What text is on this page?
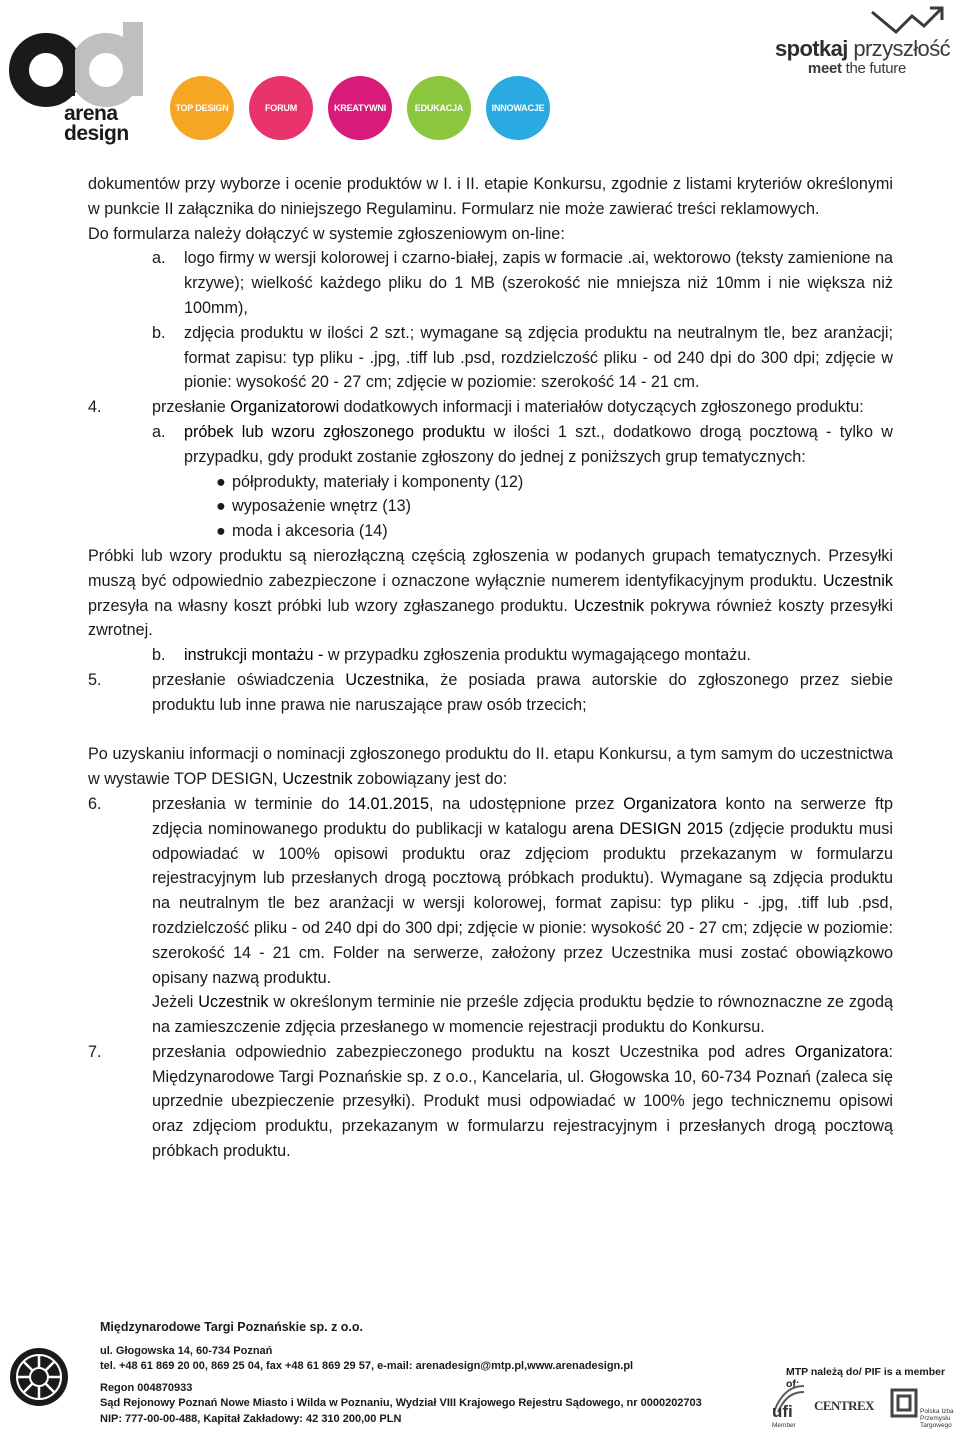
arena
design
TOP DESIGN	FORUM	KREATYWNI	EDUKACJA	INNOWACJE
spotkaj przyszłość
meet the future

dokumentów przy wyborze i ocenie produktów w I. i II. etapie Konkursu, zgodnie z listami kryteriów określonymi w punkcie II załącznika do niniejszego Regulaminu. Formularz nie może zawierać treści reklamowych.

Do formularza należy dołączyć w systemie zgłoszeniowym on-line:

a.	logo firmy w wersji kolorowej i czarno-białej, zapis w formacie .ai, wektorowo (teksty zamienione na krzywe); wielkość każdego pliku do 1 MB (szerokość nie mniejsza niż 10mm i nie większa niż 100mm),
b.	zdjęcia produktu w ilości 2 szt.; wymagane są zdjęcia produktu na neutralnym tle, bez aranżacji; format zapisu: typ pliku - .jpg, .tiff lub .psd, rozdzielczość pliku - od 240 dpi do 300 dpi; zdjęcie w pionie: wysokość 20 - 27 cm; zdjęcie w poziomie: szerokość 14 - 21 cm.
4.	przesłanie Organizatorowi dodatkowych informacji i materiałów dotyczących zgłoszonego produktu:
a.	próbek lub wzoru zgłoszonego produktu w ilości 1 szt., dodatkowo drogą pocztową - tylko w przypadku, gdy produkt zostanie zgłoszony do jednej z poniższych grup tematycznych:
● półprodukty, materiały i komponenty (12)
● wyposażenie wnętrz (13)
● moda i akcesoria (14)

Próbki lub wzory produktu są nierozłączną częścią zgłoszenia w podanych grupach tematycznych. Przesyłki muszą być odpowiednio zabezpieczone i oznaczone wyłącznie numerem identyfikacyjnym produktu. Uczestnik przesyła na własny koszt próbki lub wzory zgłaszanego produktu. Uczestnik pokrywa również koszty przesyłki zwrotnej.

b.	instrukcji montażu - w przypadku zgłoszenia produktu wymagającego montażu.
5.	przesłanie oświadczenia Uczestnika, że posiada prawa autorskie do zgłoszonego przez siebie produktu lub inne prawa nie naruszające praw osób trzecich;

Po uzyskaniu informacji o nominacji zgłoszonego produktu do II. etapu Konkursu, a tym samym do uczestnictwa w wystawie TOP DESIGN, Uczestnik zobowiązany jest do:

6.	przesłania w terminie do 14.01.2015, na udostępnione przez Organizatora konto na serwerze ftp zdjęcia nominowanego produktu do publikacji w katalogu arena DESIGN 2015 (zdjęcie produktu musi odpowiadać w 100% opisowi produktu oraz zdjęciom produktu przekazanym w formularzu rejestracyjnym lub przesłanych drogą pocztową próbkach produktu). Wymagane są zdjęcia produktu na neutralnym tle bez aranżacji w wersji kolorowej, format zapisu: typ pliku - .jpg, .tiff lub .psd, rozdzielczość pliku - od 240 dpi do 300 dpi; zdjęcie w pionie: wysokość 20 - 27 cm; zdjęcie w poziomie: szerokość 14 - 21 cm. Folder na serwerze, założony przez Uczestnika musi zostać obowiązkowo opisany nazwą produktu.
Jeżeli Uczestnik w określonym terminie nie prześle zdjęcia produktu będzie to równoznaczne ze zgodą na zamieszczenie zdjęcia przesłanego w momencie rejestracji produktu do Konkursu.
7.	przesłania odpowiednio zabezpieczonego produktu na koszt Uczestnika pod adres Organizatora: Międzynarodowe Targi Poznańskie sp. z o.o., Kancelaria, ul. Głogowska 10, 60-734 Poznań (zaleca się uprzednie ubezpieczenie przesyłki). Produkt musi odpowiadać w 100% jego technicznemu opisowi oraz zdjęciom produktu, przekazanym w formularzu rejestracyjnym i przesłanych drogą pocztową próbkach produktu.
Międzynarodowe Targi Poznańskie sp. z o.o.
ul. Głogowska 14, 60-734 Poznań
tel. +48 61 869 20 00, 869 25 04, fax +48 61 869 29 57, e-mail: arenadesign@mtp.pl,www.arenadesign.pl
Regon 004870933
Sąd Rejonowy Poznań Nowe Miasto i Wilda w Poznaniu, Wydział VIII Krajowego Rejestru Sądowego, nr 0000202703
NIP: 777-00-00-488, Kapitał Zakładowy: 42 310 200,00 PLN
MTP należą do/ PIF is a member of:
ufi
Member
CENTREX	Polska Izba Przemysłu Targowego
